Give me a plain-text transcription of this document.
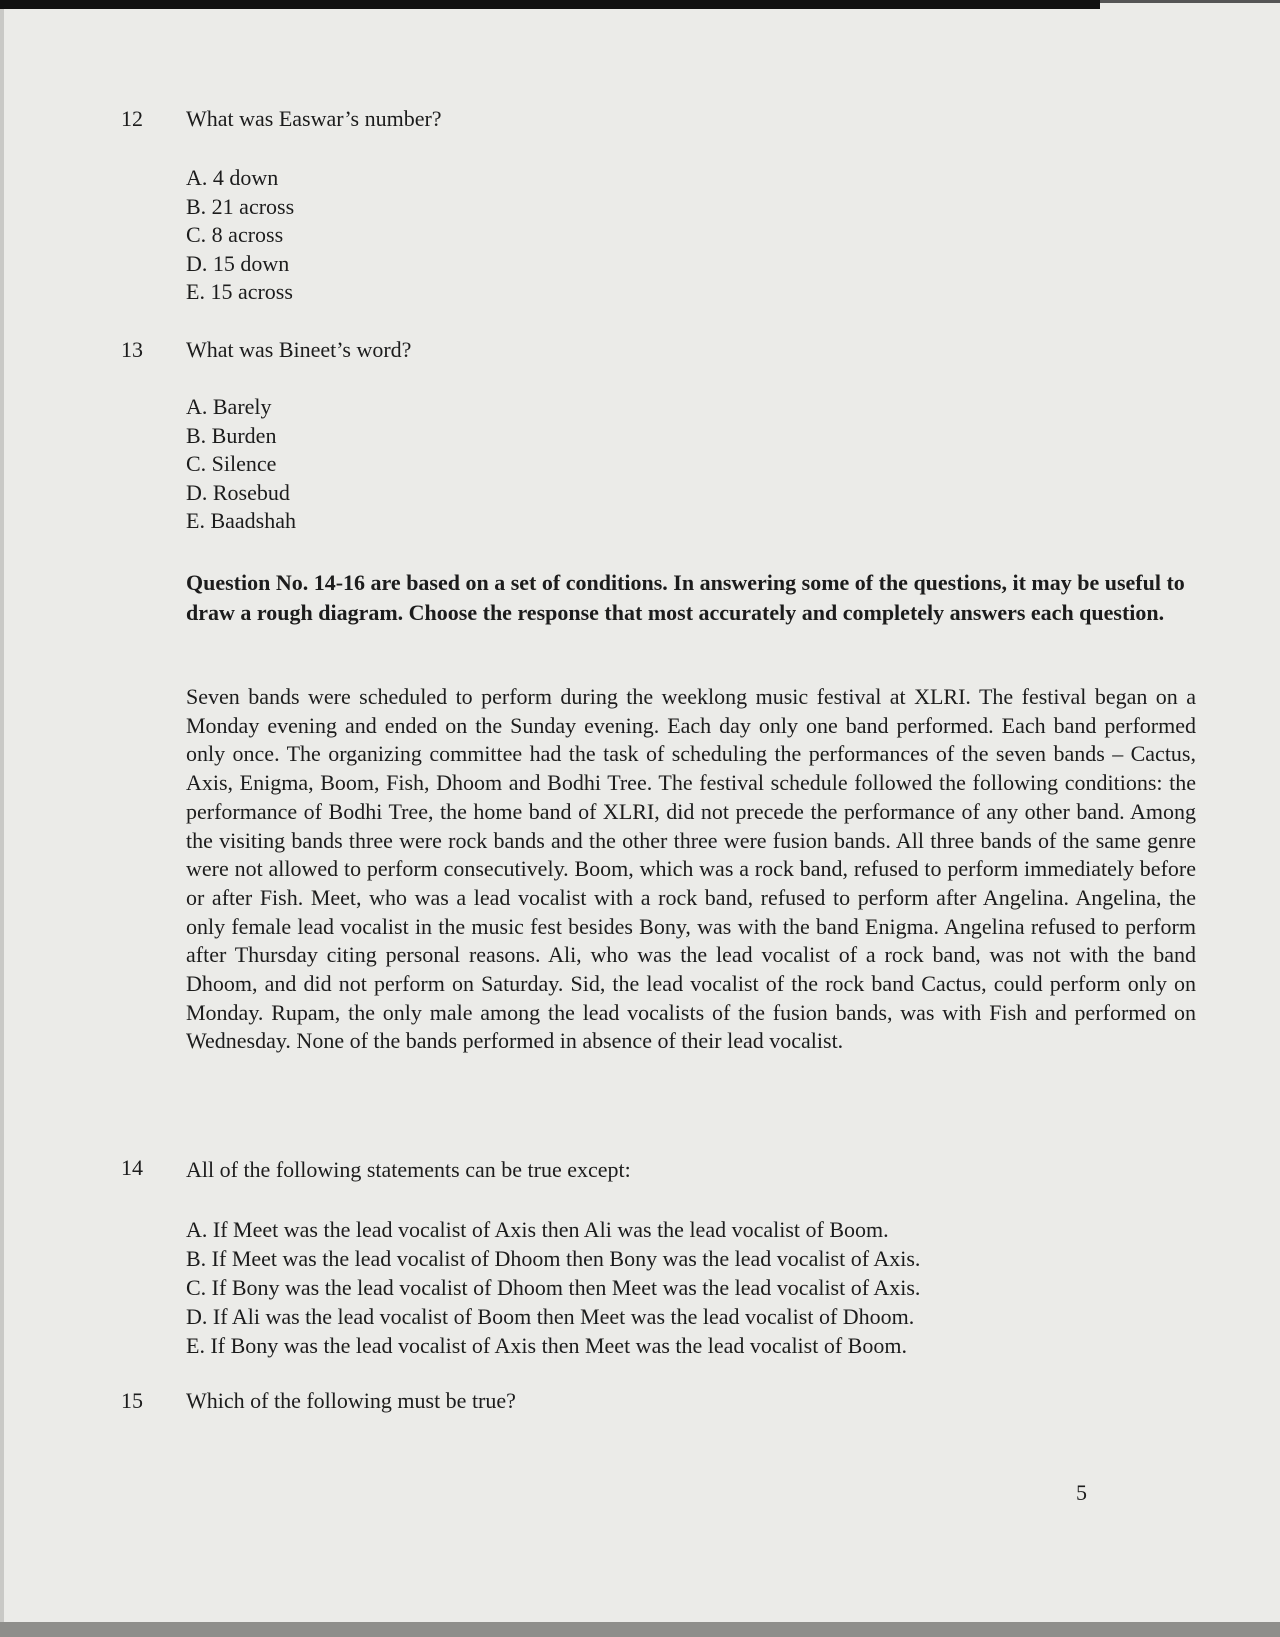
12 What was Easwar’s number?
A. 4 down
B. 21 across
C. 8 across
D. 15 down
E. 15 across
13 What was Bineet’s word?
A. Barely
B. Burden
C. Silence
D. Rosebud
E. Baadshah

Question No. 14-16 are based on a set of conditions. In answering some of the questions, it may be useful to draw a rough diagram. Choose the response that most accurately and completely answers each question.

Seven bands were scheduled to perform during the weeklong music festival at XLRI. The festival began on a Monday evening and ended on the Sunday evening. Each day only one band performed. Each band performed only once. The organizing committee had the task of scheduling the performances of the seven bands – Cactus, Axis, Enigma, Boom, Fish, Dhoom and Bodhi Tree. The festival schedule followed the following conditions: the performance of Bodhi Tree, the home band of XLRI, did not precede the performance of any other band. Among the visiting bands three were rock bands and the other three were fusion bands. All three bands of the same genre were not allowed to perform consecutively. Boom, which was a rock band, refused to perform immediately before or after Fish. Meet, who was a lead vocalist with a rock band, refused to perform after Angelina. Angelina, the only female lead vocalist in the music fest besides Bony, was with the band Enigma. Angelina refused to perform after Thursday citing personal reasons. Ali, who was the lead vocalist of a rock band, was not with the band Dhoom, and did not perform on Saturday. Sid, the lead vocalist of the rock band Cactus, could perform only on Monday. Rupam, the only male among the lead vocalists of the fusion bands, was with Fish and performed on Wednesday. None of the bands performed in absence of their lead vocalist.

14 All of the following statements can be true except:
A. If Meet was the lead vocalist of Axis then Ali was the lead vocalist of Boom.
B. If Meet was the lead vocalist of Dhoom then Bony was the lead vocalist of Axis.
C. If Bony was the lead vocalist of Dhoom then Meet was the lead vocalist of Axis.
D. If Ali was the lead vocalist of Boom then Meet was the lead vocalist of Dhoom.
E. If Bony was the lead vocalist of Axis then Meet was the lead vocalist of Boom.
15 Which of the following must be true?
5
